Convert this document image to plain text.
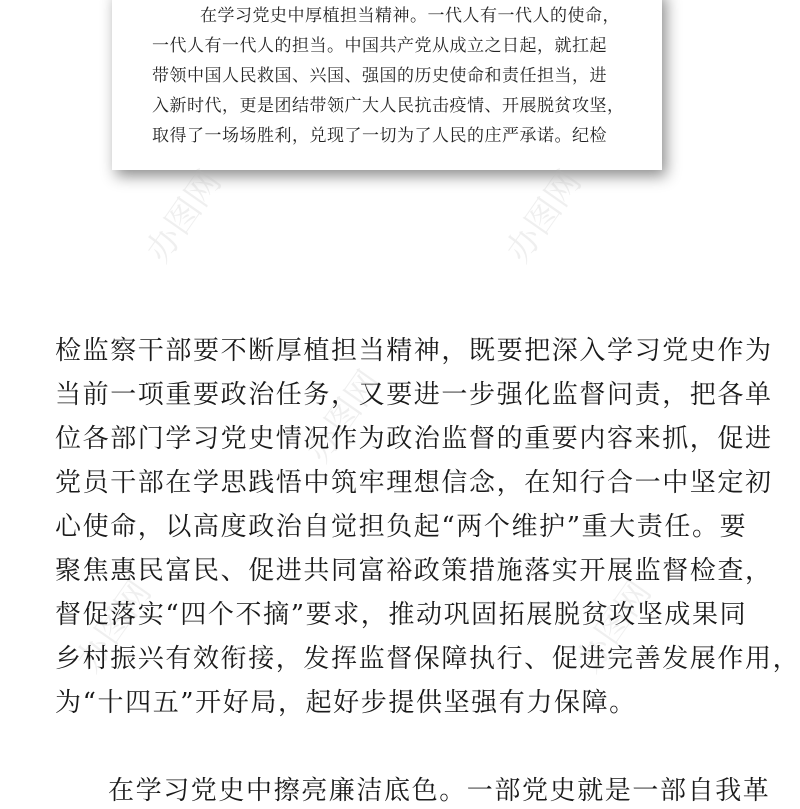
在学习党史中厚植担当精神。一代人有一代人的使命，
一代人有一代人的担当。中国共产党从成立之日起，就扛起
带领中国人民救国、兴国、强国的历史使命和责任担当，进
入新时代，更是团结带领广大人民抗击疫情、开展脱贫攻坚，
取得了一场场胜利，兑现了一切为了人民的庄严承诺。纪检
办图网	办图网
办图网
办图网	办图网
检监察干部要不断厚植担当精神，既要把深入学习党史作为
当前一项重要政治任务，又要进一步强化监督问责，把各单
位各部门学习党史情况作为政治监督的重要内容来抓，促进
党员干部在学思践悟中筑牢理想信念，在知行合一中坚定初
心使命，以高度政治自觉担负起“两个维护”重大责任。要
聚焦惠民富民、促进共同富裕政策措施落实开展监督检查，
督促落实“四个不摘”要求，推动巩固拓展脱贫攻坚成果同
乡村振兴有效衔接，发挥监督保障执行、促进完善发展作用，
为“十四五”开好局，起好步提供坚强有力保障。
在学习党史中擦亮廉洁底色。一部党史就是一部自我革
